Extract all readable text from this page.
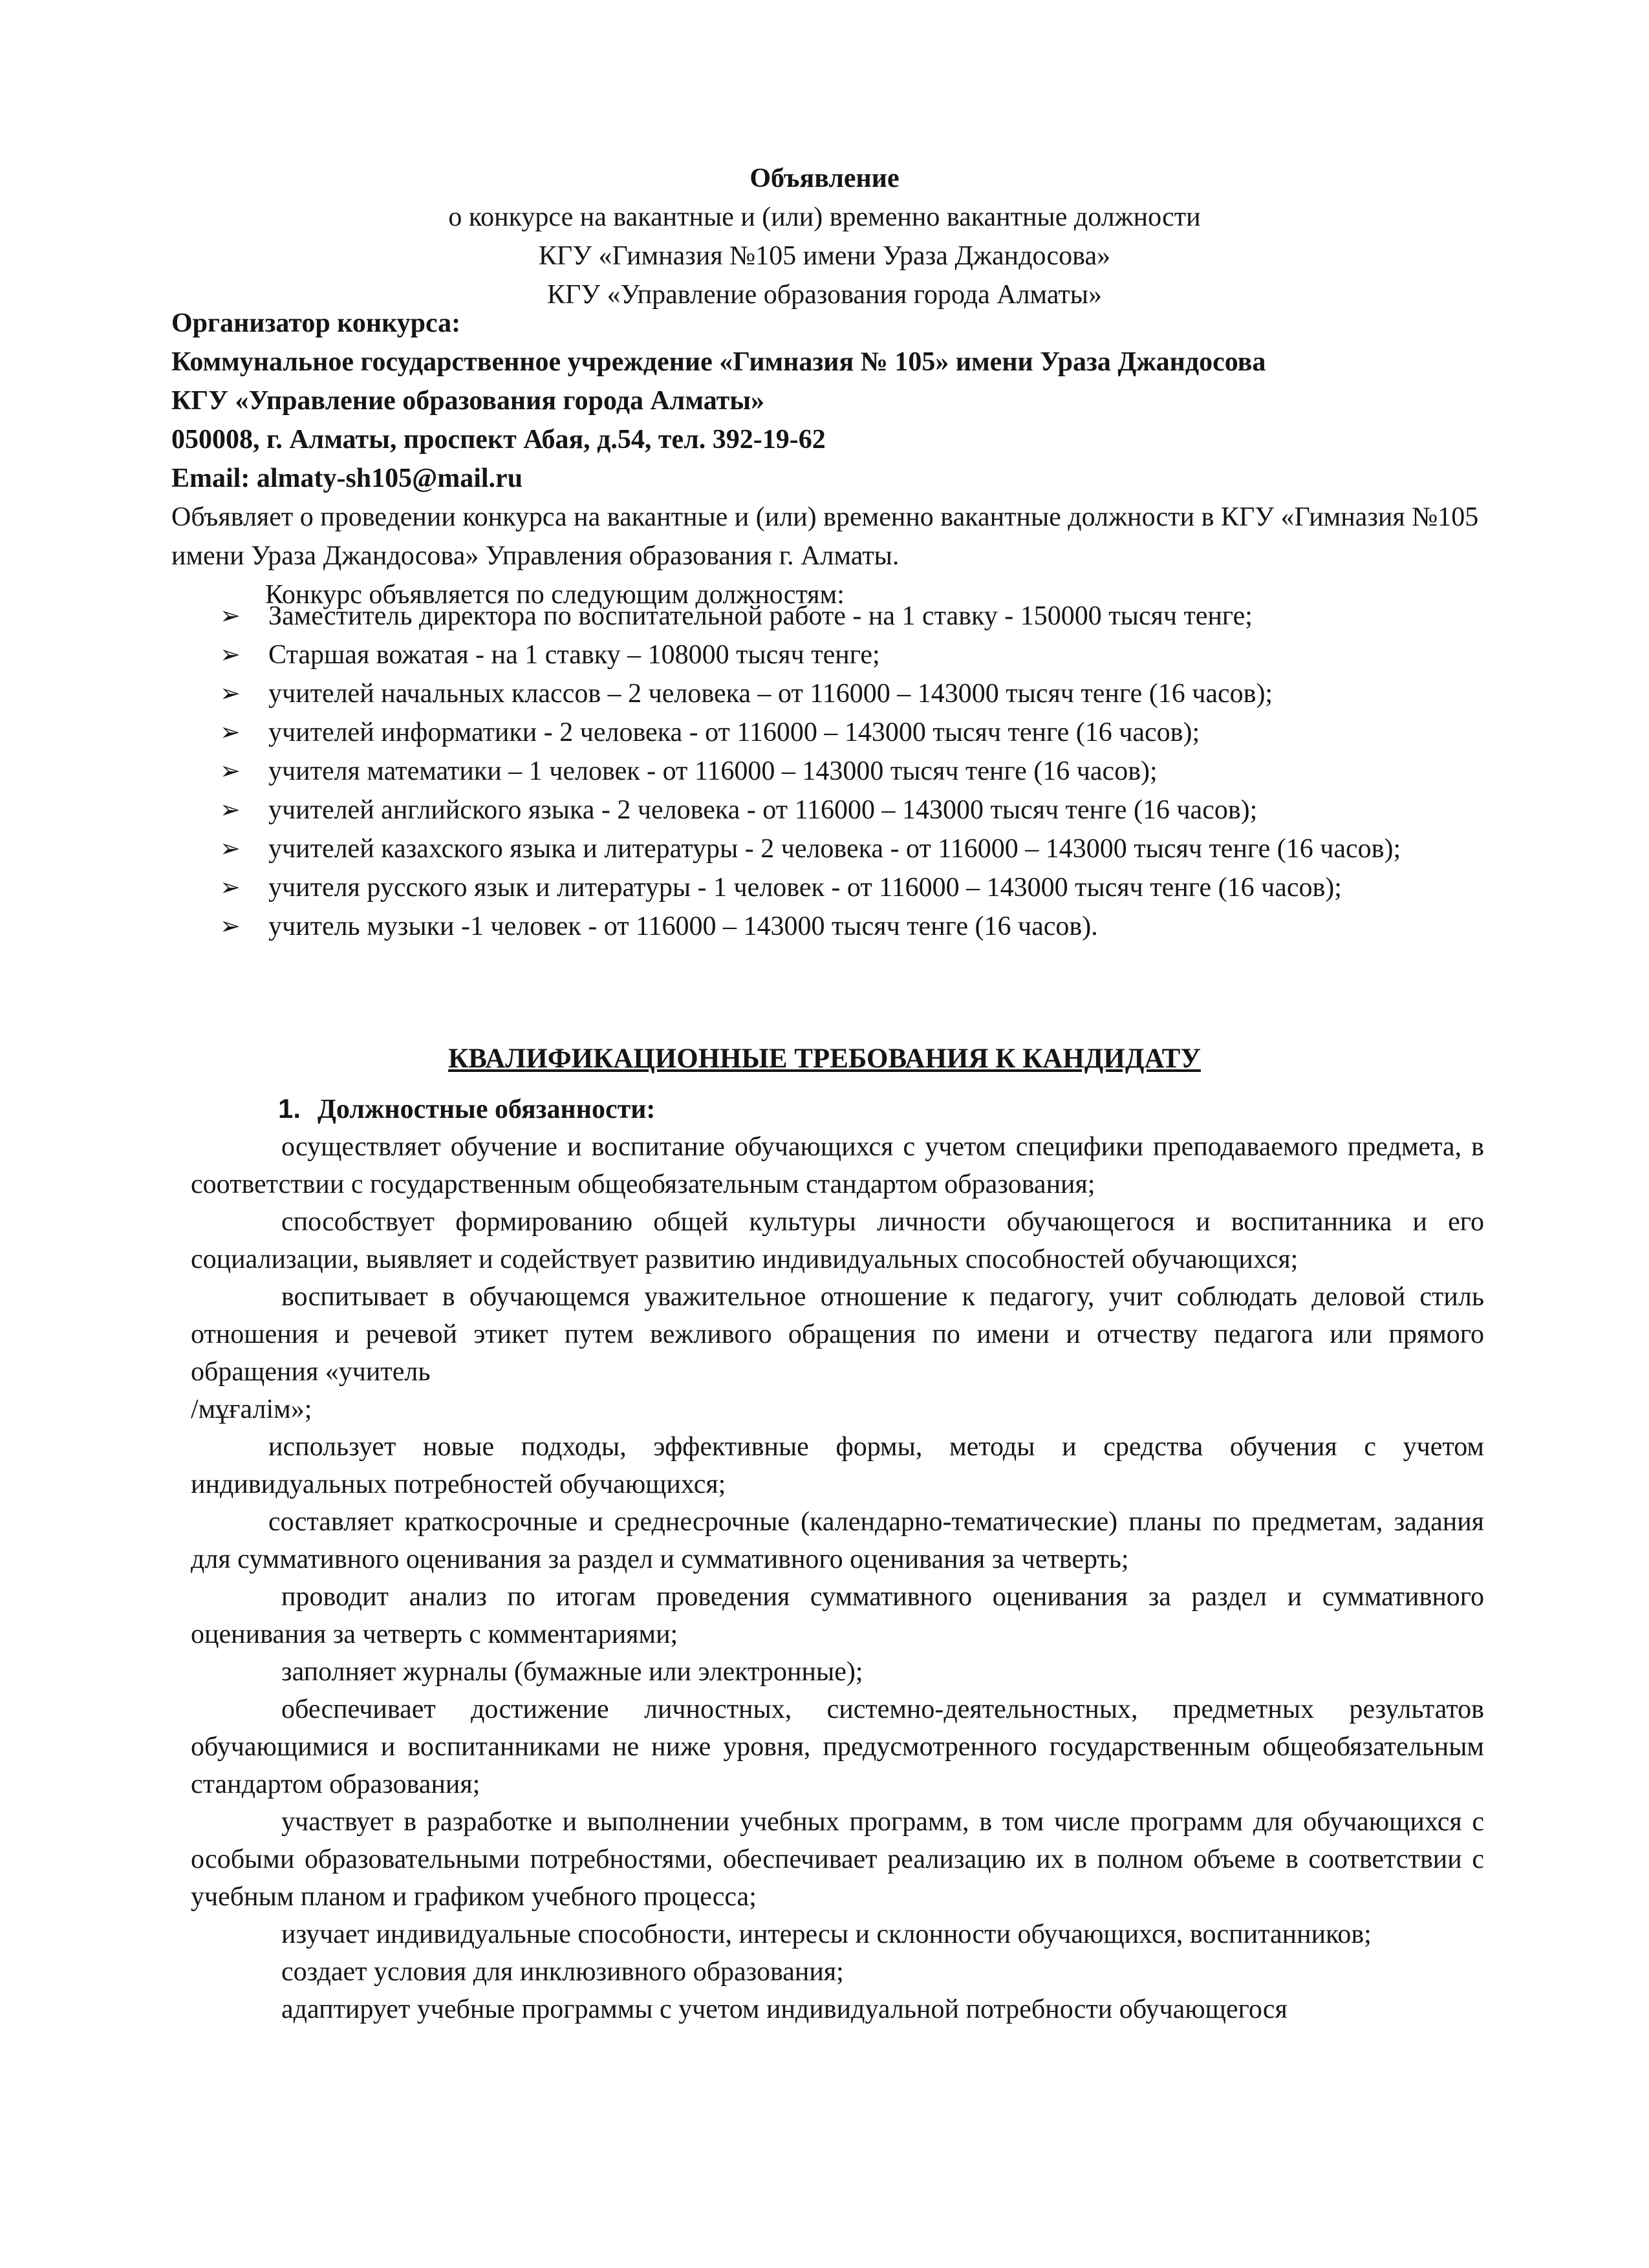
Объявление
о конкурсе на вакантные и (или) временно вакантные должности
КГУ «Гимназия №105 имени Ураза Джандосова»
КГУ «Управление образования города Алматы»
Организатор конкурса:
Коммунальное государственное учреждение «Гимназия № 105» имени Ураза Джандосова
КГУ «Управление образования города Алматы»
050008, г. Алматы, проспект Абая, д.54, тел. 392-19-62
Email: almaty-sh105@mail.ru
Объявляет о проведении конкурса на вакантные и (или) временно вакантные должности в КГУ «Гимназия №105 имени Ураза Джандосова» Управления образования г. Алматы.
Конкурс объявляется по следующим должностям:
➢ Заместитель директора по воспитательной работе - на 1 ставку - 150000 тысяч тенге;
➢ Старшая вожатая - на 1 ставку – 108000 тысяч тенге;
➢ учителей начальных классов – 2 человека – от 116000 – 143000 тысяч тенге (16 часов);
➢ учителей информатики - 2 человека - от 116000 – 143000 тысяч тенге (16 часов);
➢ учителя математики – 1 человек - от 116000 – 143000 тысяч тенге (16 часов);
➢ учителей английского языка - 2 человека - от 116000 – 143000 тысяч тенге (16 часов);
➢ учителей казахского языка и литературы - 2 человека - от 116000 – 143000 тысяч тенге (16 часов);
➢ учителя русского язык и литературы - 1 человек - от 116000 – 143000 тысяч тенге (16 часов);
➢ учитель музыки -1 человек - от 116000 – 143000 тысяч тенге (16 часов).
КВАЛИФИКАЦИОННЫЕ ТРЕБОВАНИЯ К КАНДИДАТУ
1. Должностные обязанности:

осуществляет обучение и воспитание обучающихся с учетом специфики преподаваемого предмета, в соответствии с государственным общеобязательным стандартом образования;

способствует формированию общей культуры личности обучающегося и воспитанника и его социализации, выявляет и содействует развитию индивидуальных способностей обучающихся;

воспитывает в обучающемся уважительное отношение к педагогу, учит соблюдать деловой стиль отношения и речевой этикет путем вежливого обращения по имени и отчеству педагога или прямого обращения «учитель

/мұғалім»;

использует новые подходы, эффективные формы, методы и средства обучения с учетом индивидуальных потребностей обучающихся;

составляет краткосрочные и среднесрочные (календарно-тематические) планы по предметам, задания для суммативного оценивания за раздел и суммативного оценивания за четверть;

проводит анализ по итогам проведения суммативного оценивания за раздел и суммативного оценивания за четверть с комментариями;

заполняет журналы (бумажные или электронные);

обеспечивает достижение личностных, системно-деятельностных, предметных результатов обучающимися и воспитанниками не ниже уровня, предусмотренного государственным общеобязательным стандартом образования;

участвует в разработке и выполнении учебных программ, в том числе программ для обучающихся с особыми образовательными потребностями, обеспечивает реализацию их в полном объеме в соответствии с учебным планом и графиком учебного процесса;

изучает индивидуальные способности, интересы и склонности обучающихся, воспитанников;

создает условия для инклюзивного образования;

адаптирует учебные программы с учетом индивидуальной потребности обучающегося
